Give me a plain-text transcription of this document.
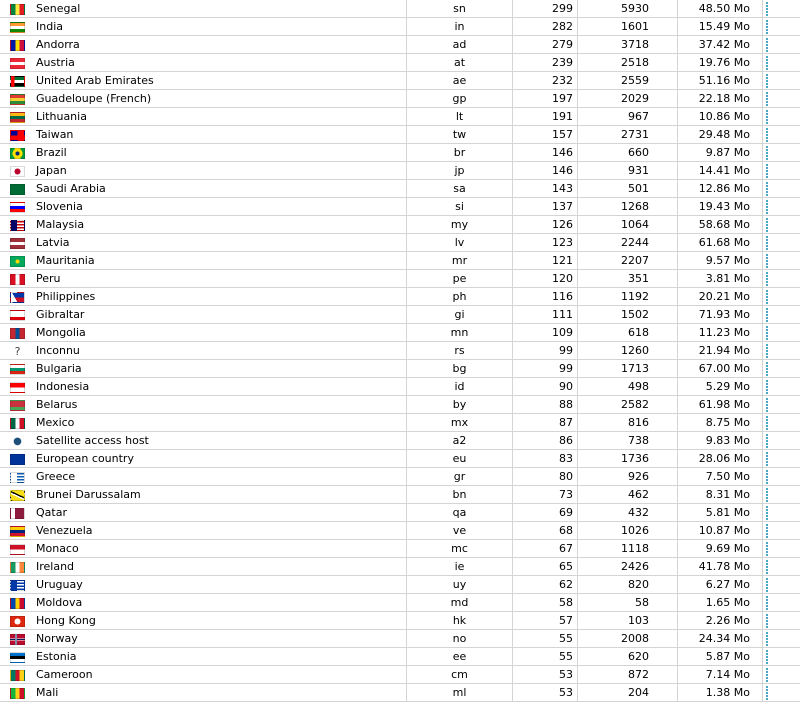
	Senegal	sn	299	5930	48.50 Mo	
	India	in	282	1601	15.49 Mo	
	Andorra	ad	279	3718	37.42 Mo	
	Austria	at	239	2518	19.76 Mo	
	United Arab Emirates	ae	232	2559	51.16 Mo	
	Guadeloupe (French)	gp	197	2029	22.18 Mo	
	Lithuania	lt	191	967	10.86 Mo	
	Taiwan	tw	157	2731	29.48 Mo	
	Brazil	br	146	660	9.87 Mo	
	Japan	jp	146	931	14.41 Mo	
	Saudi Arabia	sa	143	501	12.86 Mo	
	Slovenia	si	137	1268	19.43 Mo	
	Malaysia	my	126	1064	58.68 Mo	
	Latvia	lv	123	2244	61.68 Mo	
	Mauritania	mr	121	2207	9.57 Mo	
	Peru	pe	120	351	3.81 Mo	
	Philippines	ph	116	1192	20.21 Mo	
	Gibraltar	gi	111	1502	71.93 Mo	
	Mongolia	mn	109	618	11.23 Mo	
?	Inconnu	rs	99	1260	21.94 Mo	
	Bulgaria	bg	99	1713	67.00 Mo	
	Indonesia	id	90	498	5.29 Mo	
	Belarus	by	88	2582	61.98 Mo	
	Mexico	mx	87	816	8.75 Mo	
●	Satellite access host	a2	86	738	9.83 Mo	
	European country	eu	83	1736	28.06 Mo	
	Greece	gr	80	926	7.50 Mo	
	Brunei Darussalam	bn	73	462	8.31 Mo	
	Qatar	qa	69	432	5.81 Mo	
	Venezuela	ve	68	1026	10.87 Mo	
	Monaco	mc	67	1118	9.69 Mo	
	Ireland	ie	65	2426	41.78 Mo	
	Uruguay	uy	62	820	6.27 Mo	
	Moldova	md	58	58	1.65 Mo	
	Hong Kong	hk	57	103	2.26 Mo	
	Norway	no	55	2008	24.34 Mo	
	Estonia	ee	55	620	5.87 Mo	
	Cameroon	cm	53	872	7.14 Mo	
	Mali	ml	53	204	1.38 Mo	
